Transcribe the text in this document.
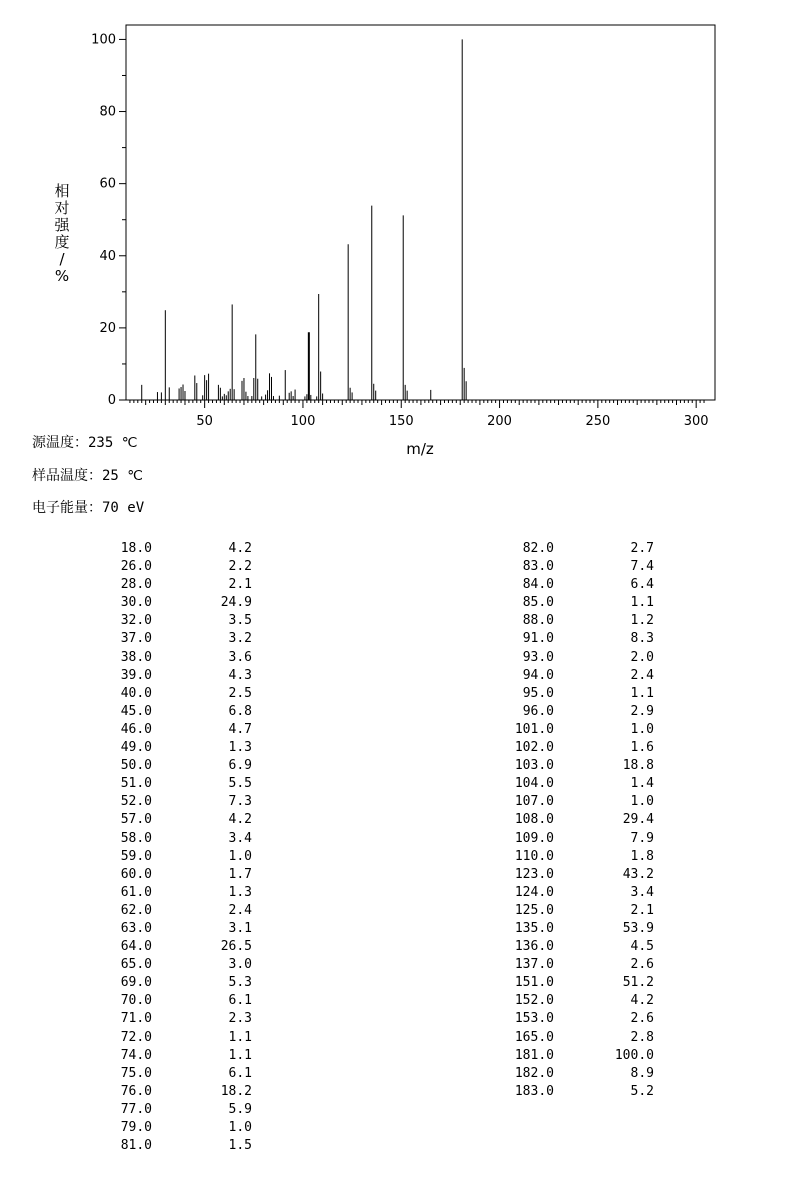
50	100	150	200	250	300
0
20
40
60
80
100
m/z
相对强度/ %
源温度：235 ℃
样品温度：25 ℃
电子能量：70 eV
18.0	4.2
26.0	2.2
28.0	2.1
30.0	24.9
32.0	3.5
37.0	3.2
38.0	3.6
39.0	4.3
40.0	2.5
45.0	6.8
46.0	4.7
49.0	1.3
50.0	6.9
51.0	5.5
52.0	7.3
57.0	4.2
58.0	3.4
59.0	1.0
60.0	1.7
61.0	1.3
62.0	2.4
63.0	3.1
64.0	26.5
65.0	3.0
69.0	5.3
70.0	6.1
71.0	2.3
72.0	1.1
74.0	1.1
75.0	6.1
76.0	18.2
77.0	5.9
79.0	1.0
81.0	1.5
82.0	2.7
83.0	7.4
84.0	6.4
85.0	1.1
88.0	1.2
91.0	8.3
93.0	2.0
94.0	2.4
95.0	1.1
96.0	2.9
101.0	1.0
102.0	1.6
103.0	18.8
104.0	1.4
107.0	1.0
108.0	29.4
109.0	7.9
110.0	1.8
123.0	43.2
124.0	3.4
125.0	2.1
135.0	53.9
136.0	4.5
137.0	2.6
151.0	51.2
152.0	4.2
153.0	2.6
165.0	2.8
181.0	100.0
182.0	8.9
183.0	5.2
